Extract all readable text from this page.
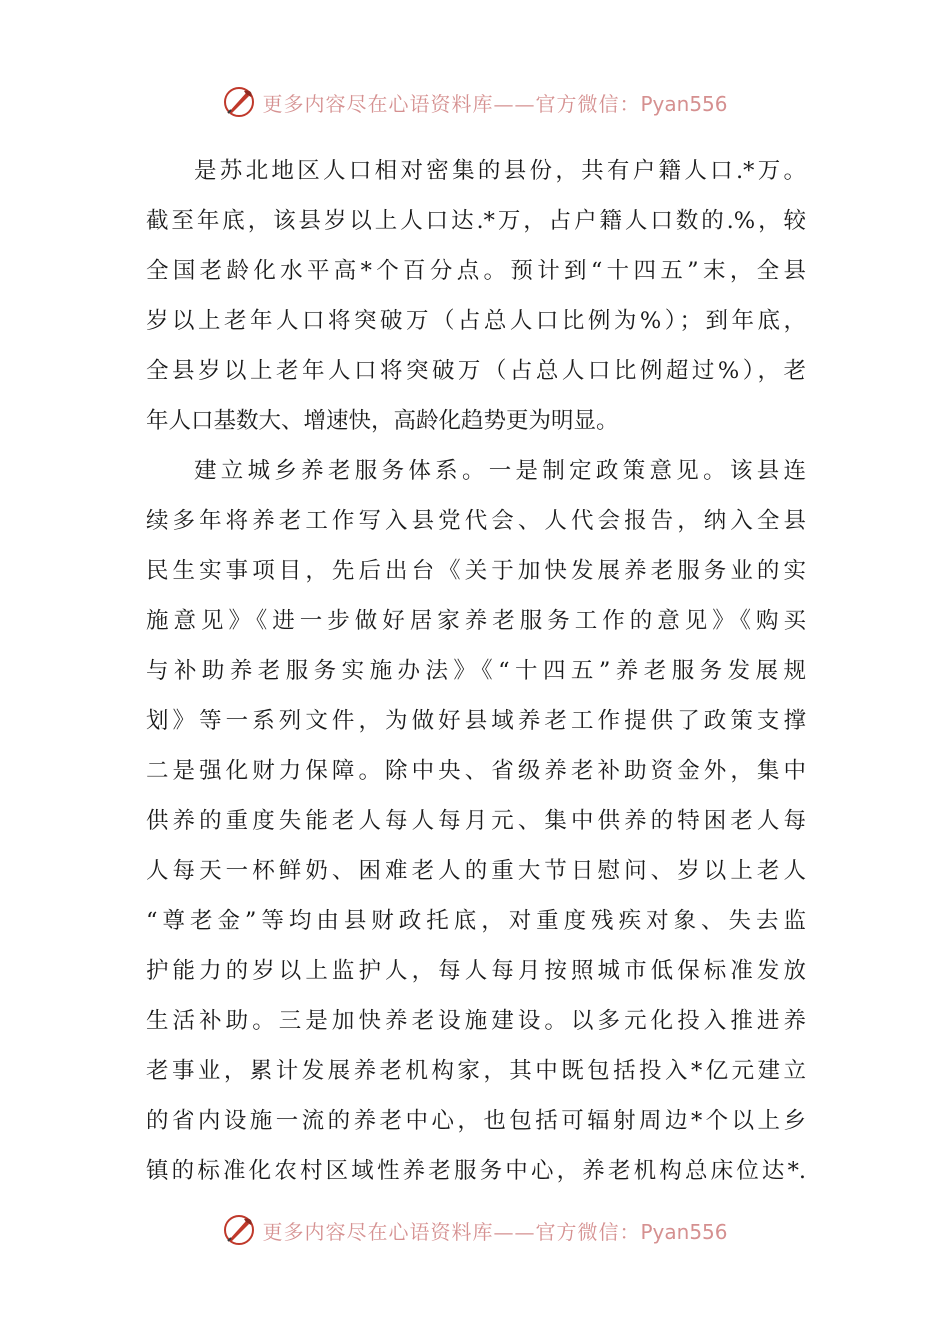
更多内容尽在心语资料库——官方微信：Pyan556
是苏北地区人口相对密集的县份，共有户籍人口.*万。
截至年底，该县岁以上人口达.*万，占户籍人口数的.%，较
全国老龄化水平高*个百分点。预计到“十四五”末，全县
岁以上老年人口将突破万（占总人口比例为%）；到年底，
全县岁以上老年人口将突破万（占总人口比例超过%），老
年人口基数大、增速快，高龄化趋势更为明显。
建立城乡养老服务体系。一是制定政策意见。该县连
续多年将养老工作写入县党代会、人代会报告，纳入全县
民生实事项目，先后出台《关于加快发展养老服务业的实
施意见》《进一步做好居家养老服务工作的意见》《购买
与补助养老服务实施办法》《“十四五”养老服务发展规
划》等一系列文件，为做好县域养老工作提供了政策支撑
二是强化财力保障。除中央、省级养老补助资金外，集中
供养的重度失能老人每人每月元、集中供养的特困老人每
人每天一杯鲜奶、困难老人的重大节日慰问、岁以上老人
“尊老金”等均由县财政托底，对重度残疾对象、失去监
护能力的岁以上监护人，每人每月按照城市低保标准发放
生活补助。三是加快养老设施建设。以多元化投入推进养
老事业，累计发展养老机构家，其中既包括投入*亿元建立
的省内设施一流的养老中心，也包括可辐射周边*个以上乡
镇的标准化农村区域性养老服务中心，养老机构总床位达*.
更多内容尽在心语资料库——官方微信：Pyan556
